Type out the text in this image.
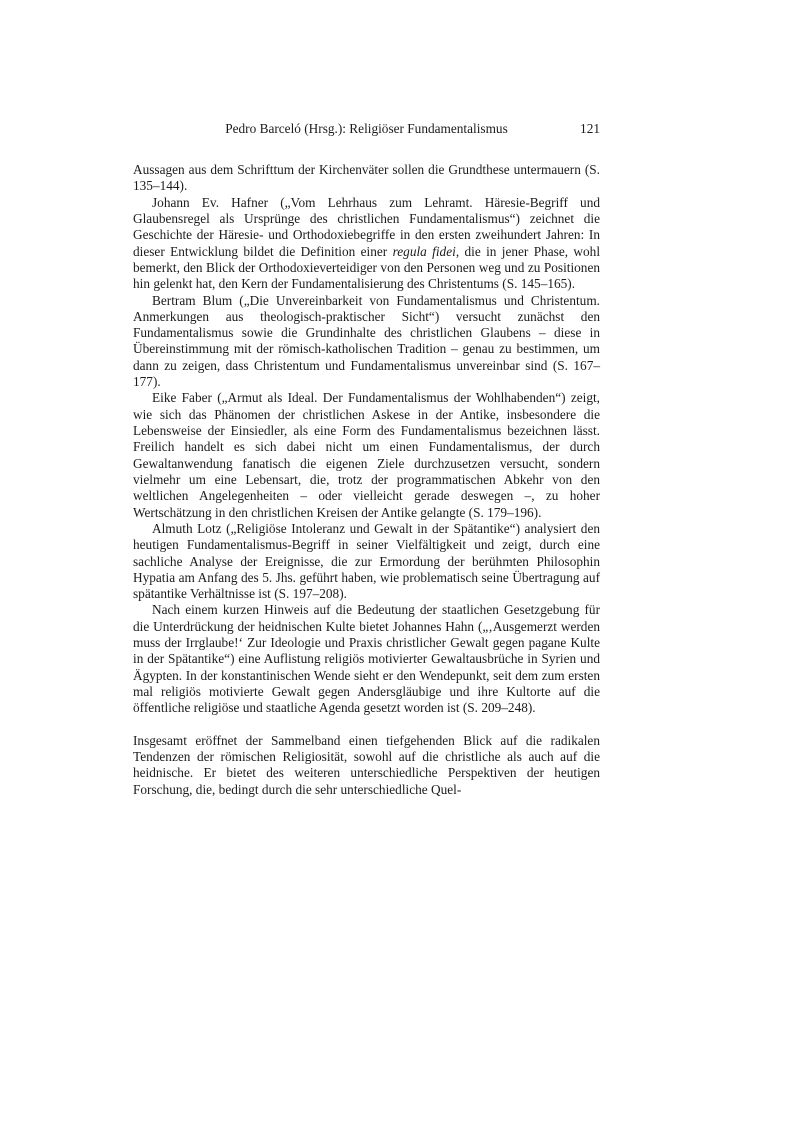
Pedro Barceló (Hrsg.): Religiöser Fundamentalismus	121

Aussagen aus dem Schrifttum der Kirchenväter sollen die Grundthese untermauern (S. 135–144).

Johann Ev. Hafner („Vom Lehrhaus zum Lehramt. Häresie-Begriff und Glaubensregel als Ursprünge des christlichen Fundamentalismus“) zeichnet die Geschichte der Häresie- und Orthodoxiebegriffe in den ersten zweihundert Jahren: In dieser Entwicklung bildet die Definition einer regula fidei, die in jener Phase, wohl bemerkt, den Blick der Orthodoxieverteidiger von den Personen weg und zu Positionen hin gelenkt hat, den Kern der Fundamentalisierung des Christentums (S. 145–165).

Bertram Blum („Die Unvereinbarkeit von Fundamentalismus und Christentum. Anmerkungen aus theologisch-praktischer Sicht“) versucht zunächst den Fundamentalismus sowie die Grundinhalte des christlichen Glaubens – diese in Übereinstimmung mit der römisch-katholischen Tradition – genau zu bestimmen, um dann zu zeigen, dass Christentum und Fundamentalismus unvereinbar sind (S. 167–177).

Eike Faber („Armut als Ideal. Der Fundamentalismus der Wohlhabenden“) zeigt, wie sich das Phänomen der christlichen Askese in der Antike, insbesondere die Lebensweise der Einsiedler, als eine Form des Fundamentalismus bezeichnen lässt. Freilich handelt es sich dabei nicht um einen Fundamentalismus, der durch Gewaltanwendung fanatisch die eigenen Ziele durchzusetzen versucht, sondern vielmehr um eine Lebensart, die, trotz der programmatischen Abkehr von den weltlichen Angelegenheiten – oder vielleicht gerade deswegen –, zu hoher Wertschätzung in den christlichen Kreisen der Antike gelangte (S. 179–196).

Almuth Lotz („Religiöse Intoleranz und Gewalt in der Spätantike“) analysiert den heutigen Fundamentalismus-Begriff in seiner Vielfältigkeit und zeigt, durch eine sachliche Analyse der Ereignisse, die zur Ermordung der berühmten Philosophin Hypatia am Anfang des 5. Jhs. geführt haben, wie problematisch seine Übertragung auf spätantike Verhältnisse ist (S. 197–208).

Nach einem kurzen Hinweis auf die Bedeutung der staatlichen Gesetzgebung für die Unterdrückung der heidnischen Kulte bietet Johannes Hahn („‚Ausgemerzt werden muss der Irrglaube!‘ Zur Ideologie und Praxis christlicher Gewalt gegen pagane Kulte in der Spätantike“) eine Auflistung religiös motivierter Gewaltausbrüche in Syrien und Ägypten. In der konstantinischen Wende sieht er den Wendepunkt, seit dem zum ersten mal religiös motivierte Gewalt gegen Andersgläubige und ihre Kultorte auf die öffentliche religiöse und staatliche Agenda gesetzt worden ist (S. 209–248).

Insgesamt eröffnet der Sammelband einen tiefgehenden Blick auf die radikalen Tendenzen der römischen Religiosität, sowohl auf die christliche als auch auf die heidnische. Er bietet des weiteren unterschiedliche Perspektiven der heutigen Forschung, die, bedingt durch die sehr unterschiedliche Quel-
